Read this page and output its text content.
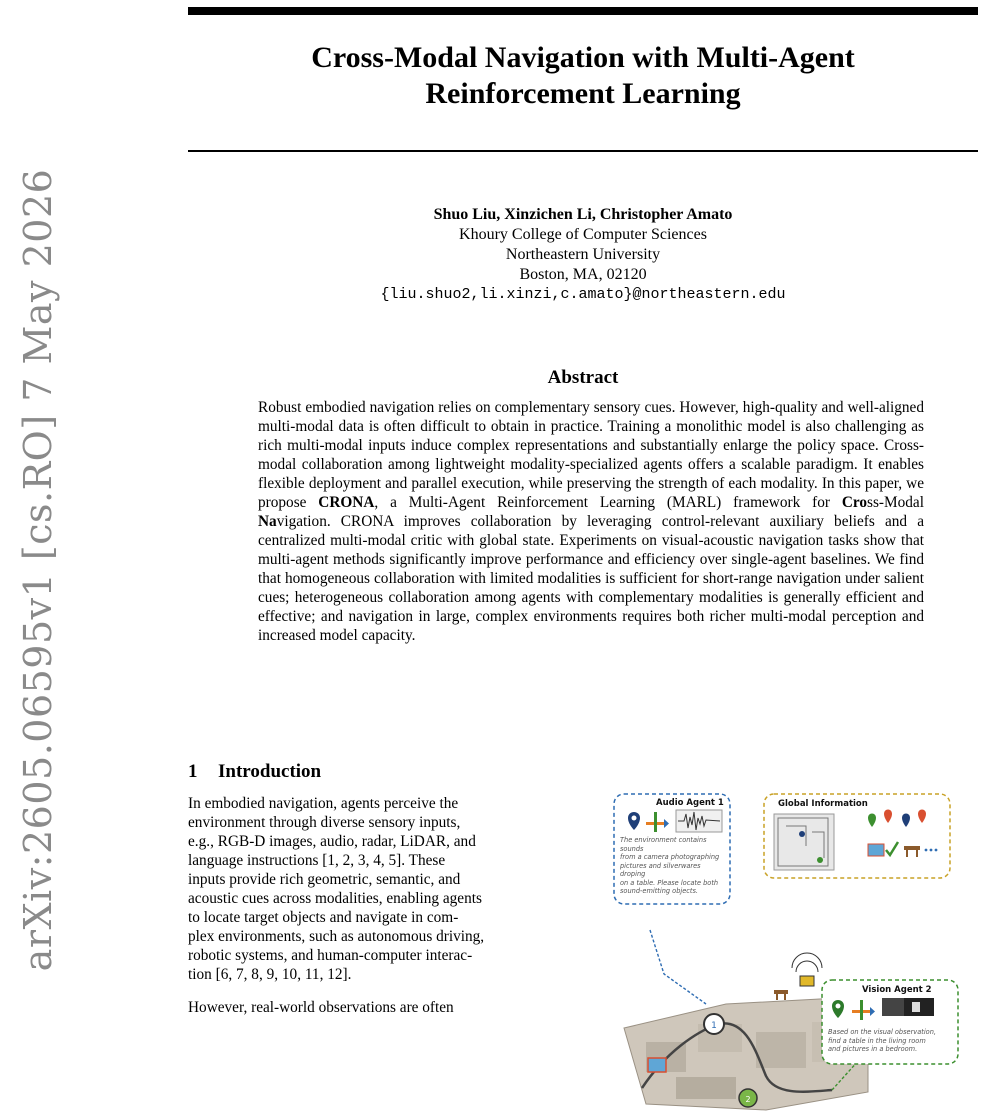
arXiv:2605.06595v1 [cs.RO] 7 May 2026
Cross-Modal Navigation with Multi-Agent
Reinforcement Learning
Shuo Liu, Xinzichen Li, Christopher Amato
Khoury College of Computer Sciences
Northeastern University
Boston, MA, 02120
{liu.shuo2,li.xinzi,c.amato}@northeastern.edu
Abstract
Robust embodied navigation relies on complementary sensory cues. However, high-quality and well-aligned multi-modal data is often difficult to obtain in practice. Training a monolithic model is also challenging as rich multi-modal inputs induce complex representations and substantially enlarge the policy space. Cross-modal collaboration among lightweight modality-specialized agents offers a scalable paradigm. It enables flexible deployment and parallel execution, while preserving the strength of each modality. In this paper, we propose CRONA, a Multi-Agent Reinforcement Learning (MARL) framework for Cross-Modal Navigation. CRONA improves collaboration by leveraging control-relevant auxiliary beliefs and a centralized multi-modal critic with global state. Experiments on visual-acoustic navigation tasks show that multi-agent methods significantly improve performance and efficiency over single-agent baselines. We find that homogeneous collaboration with limited modalities is sufficient for short-range navigation under salient cues; heterogeneous collaboration among agents with complementary modalities is generally efficient and effective; and navigation in large, complex environments requires both richer multi-modal perception and increased model capacity.
1 Introduction

In embodied navigation, agents perceive the
environment through diverse sensory inputs,
e.g., RGB-D images, audio, radar, LiDAR, and
language instructions [1, 2, 3, 4, 5]. These
inputs provide rich geometric, semantic, and
acoustic cues across modalities, enabling agents
to locate target objects and navigate in com-
plex environments, such as autonomous driving,
robotic systems, and human-computer interac-
tion [6, 7, 8, 9, 10, 11, 12].

However, real-world observations are often

1
2
Audio Agent 1
The environment contains sounds
from a camera photographing
pictures and silverwares droping
on a table. Please locate both
sound-emitting objects.
Global Information
Vision Agent 2
Based on the visual observation,
find a table in the living room
and pictures in a bedroom.
